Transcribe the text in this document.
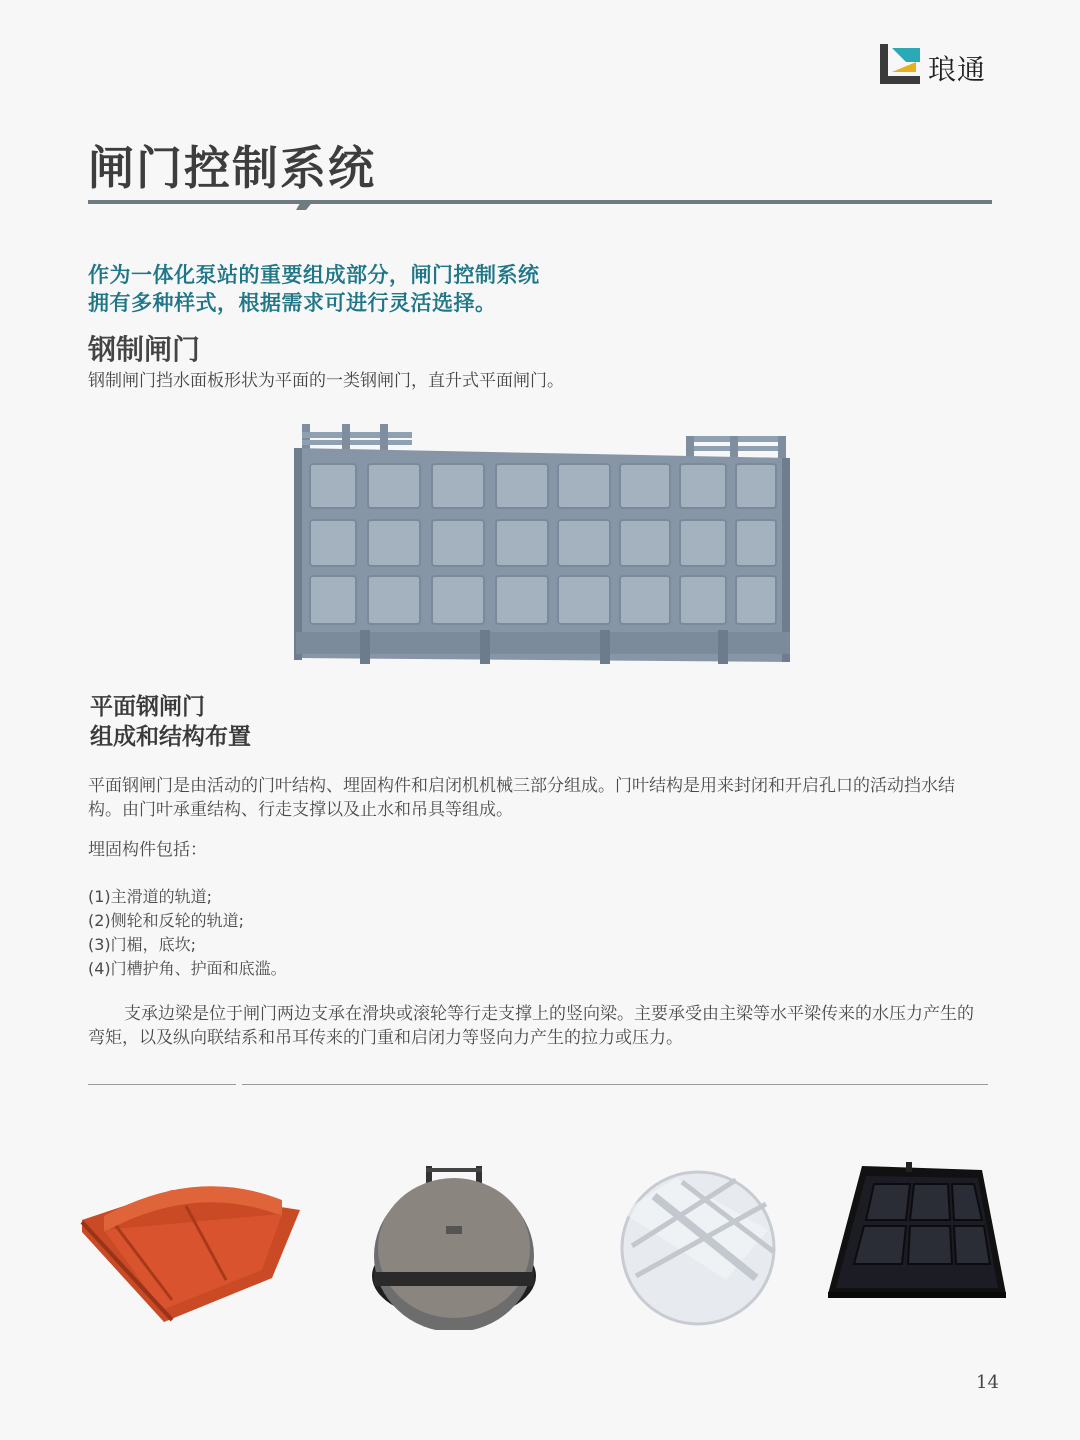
琅通
闸门控制系统
作为一体化泵站的重要组成部分，闸门控制系统
拥有多种样式，根据需求可进行灵活选择。
钢制闸门
钢制闸门挡水面板形状为平面的一类钢闸门，直升式平面闸门。
平面钢闸门
组成和结构布置
平面钢闸门是由活动的门叶结构、埋固构件和启闭机机械三部分组成。门叶结构是用来封闭和开启孔口的活动挡水结构。由门叶承重结构、行走支撑以及止水和吊具等组成。
埋固构件包括：
(1)主滑道的轨道;
(2)侧轮和反轮的轨道;
(3)门楣，底坎;
(4)门槽护角、护面和底滥。
支承边梁是位于闸门两边支承在滑块或滚轮等行走支撑上的竖向梁。主要承受由主梁等水平梁传来的水压力产生的弯矩，以及纵向联结系和吊耳传来的门重和启闭力等竖向力产生的拉力或压力。
14
